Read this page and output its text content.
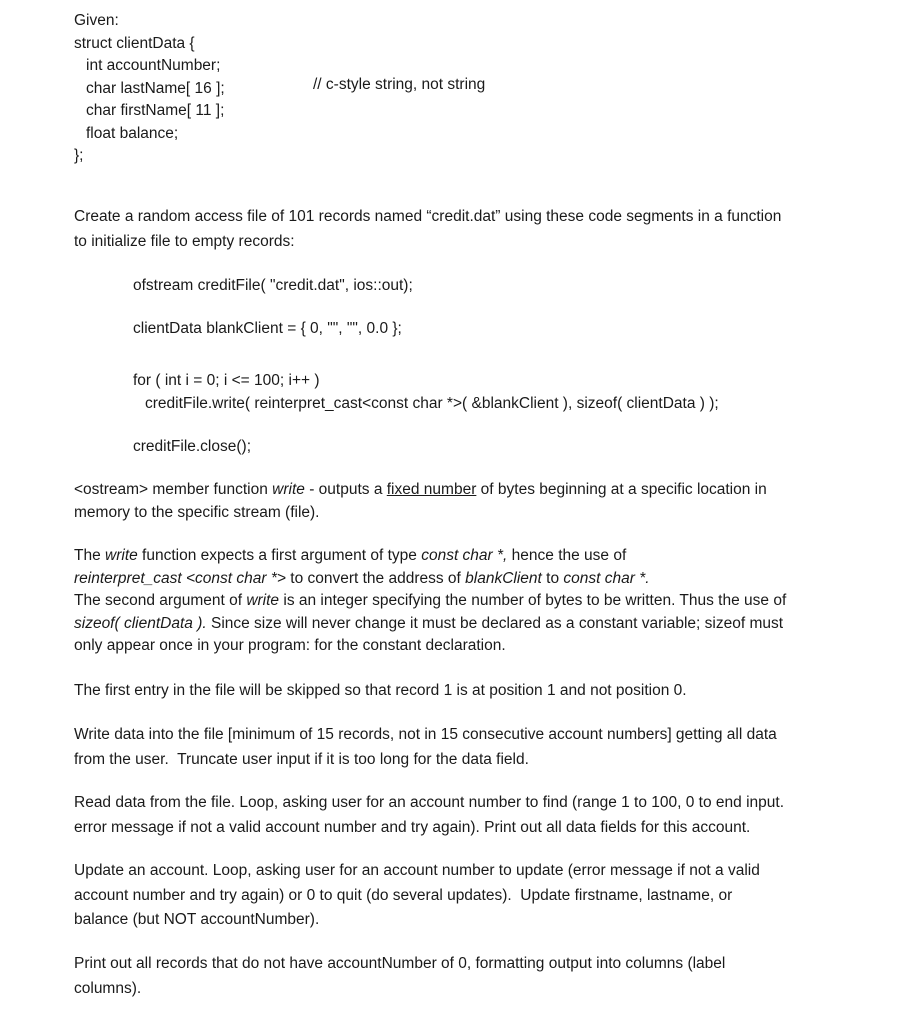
Given:
struct clientData {
int accountNumber;
char lastName[ 16 ];
char firstName[ 11 ];
float balance;
};
// c-style string, not string
Create a random access file of 101 records named “credit.dat” using these code segments in a function
to initialize file to empty records:
ofstream creditFile( "credit.dat", ios::out);
clientData blankClient = { 0, "", "", 0.0 };
for ( int i = 0; i <= 100; i++ )
creditFile.write( reinterpret_cast<const char *>( &blankClient ), sizeof( clientData ) );
creditFile.close();
<ostream> member function write - outputs a fixed number of bytes beginning at a specific location in
memory to the specific stream (file).
The write function expects a first argument of type const char *, hence the use of
reinterpret_cast <const char *> to convert the address of blankClient to const char *.
The second argument of write is an integer specifying the number of bytes to be written. Thus the use of
sizeof( clientData ). Since size will never change it must be declared as a constant variable; sizeof must
only appear once in your program: for the constant declaration.
The first entry in the file will be skipped so that record 1 is at position 1 and not position 0.
Write data into the file [minimum of 15 records, not in 15 consecutive account numbers] getting all data
from the user.  Truncate user input if it is too long for the data field.
Read data from the file. Loop, asking user for an account number to find (range 1 to 100, 0 to end input.
error message if not a valid account number and try again). Print out all data fields for this account.
Update an account. Loop, asking user for an account number to update (error message if not a valid
account number and try again) or 0 to quit (do several updates).  Update firstname, lastname, or
balance (but NOT accountNumber).
Print out all records that do not have accountNumber of 0, formatting output into columns (label
columns).
